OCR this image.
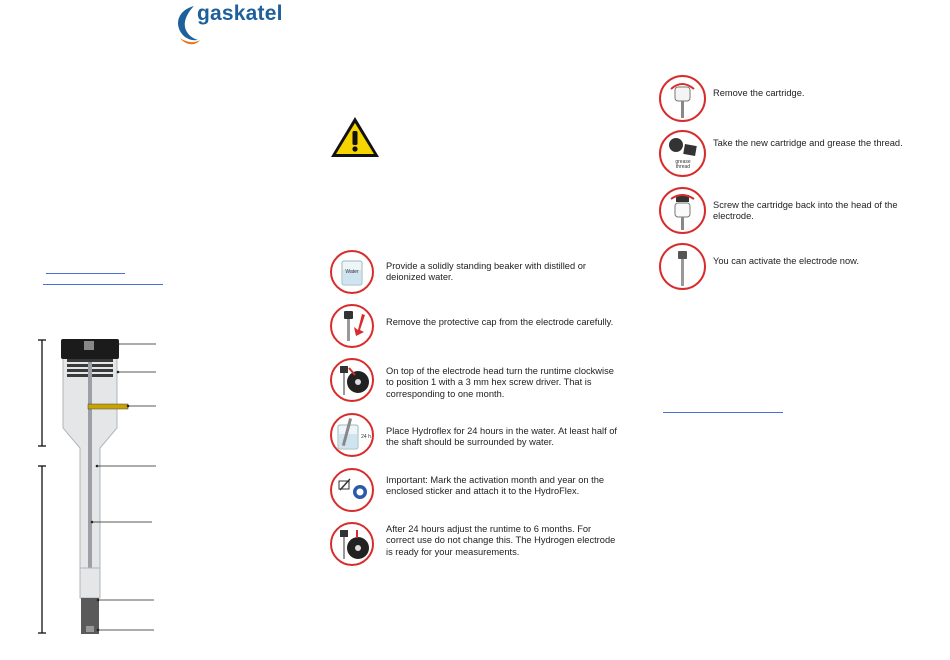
gaskatel
Water
Provide a solidly standing beaker with distilled or deionized water.
Remove the protective cap from the electrode carefully.
On top of the electrode head turn the runtime clockwise to position 1 with a 3 mm hex screw driver. That is corresponding to one month.
24 h
Place Hydroflex for 24 hours in the water. At least half of the shaft should be surrounded by water.
Important: Mark the activation month and year on the enclosed sticker and attach it to the HydroFlex.
After 24 hours adjust the runtime to 6 months. For correct use do not change this. The Hydrogen electrode is ready for your measurements.
Remove the cartridge.
grease thread
Take the new cartridge and grease the thread.
Screw the cartridge back into the head of the electrode.
You can activate the electrode now.
